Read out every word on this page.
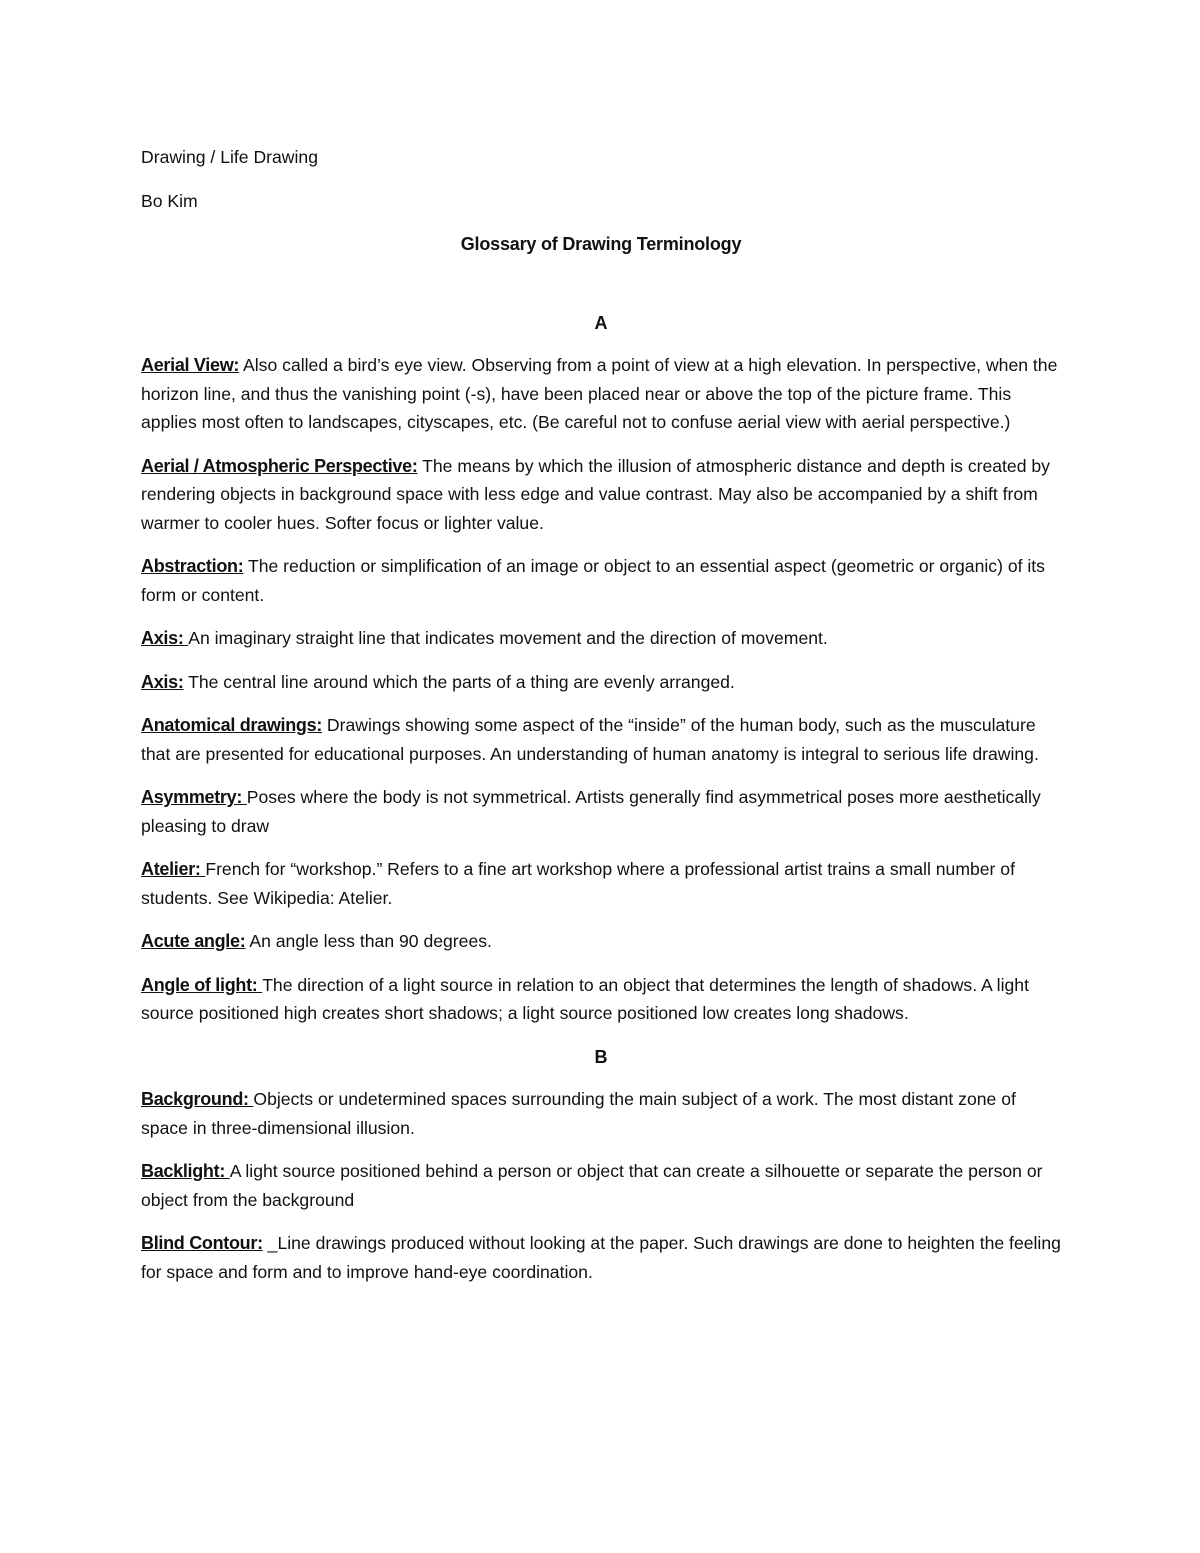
Drawing / Life Drawing

Bo Kim

Glossary of Drawing Terminology

A

Aerial View: Also called a bird’s eye view. Observing from a point of view at a high elevation. In perspective, when the horizon line, and thus the vanishing point (-s), have been placed near or above the top of the picture frame. This applies most often to landscapes, cityscapes, etc. (Be careful not to confuse aerial view with aerial perspective.)

Aerial / Atmospheric Perspective: The means by which the illusion of atmospheric distance and depth is created by rendering objects in background space with less edge and value contrast. May also be accompanied by a shift from warmer to cooler hues. Softer focus or lighter value.

Abstraction: The reduction or simplification of an image or object to an essential aspect (geometric or organic) of its form or content.

Axis: An imaginary straight line that indicates movement and the direction of movement.

Axis: The central line around which the parts of a thing are evenly arranged.

Anatomical drawings: Drawings showing some aspect of the “inside” of the human body, such as the musculature that are presented for educational purposes. An understanding of human anatomy is integral to serious life drawing.

Asymmetry: Poses where the body is not symmetrical. Artists generally find asymmetrical poses more aesthetically pleasing to draw

Atelier: French for “workshop.” Refers to a fine art workshop where a professional artist trains a small number of students. See Wikipedia: Atelier.

Acute angle: An angle less than 90 degrees.

Angle of light: The direction of a light source in relation to an object that determines the length of shadows. A light source positioned high creates short shadows; a light source positioned low creates long shadows.

B

Background: Objects or undetermined spaces surrounding the main subject of a work. The most distant zone of space in three-dimensional illusion.

Backlight: A light source positioned behind a person or object that can create a silhouette or separate the person or object from the background

Blind Contour: _Line drawings produced without looking at the paper. Such drawings are done to heighten the feeling for space and form and to improve hand-eye coordination.
